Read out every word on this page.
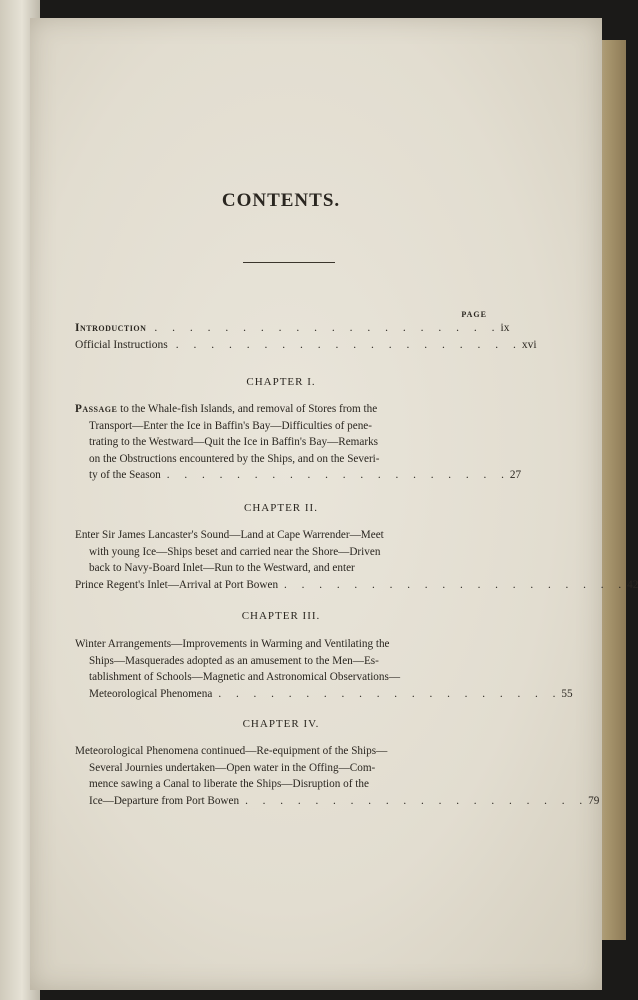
CONTENTS.
PAGE
Introduction . . . . . . . . . . . . . . . . . . . . ix
Official Instructions . . . . . . . . . . . . . . . . . . . . xvi
CHAPTER I.
Passage to the Whale-fish Islands, and removal of Stores from the
Transport—Enter the Ice in Baffin's Bay—Difficulties of pene-
trating to the Westward—Quit the Ice in Baffin's Bay—Remarks
on the Obstructions encountered by the Ships, and on the Severi-
ty of the Season . . . . . . . . . . . . . . . . . . . . 27
CHAPTER II.
Enter Sir James Lancaster's Sound—Land at Cape Warrender—Meet
with young Ice—Ships beset and carried near the Shore—Driven
back to Navy-Board Inlet—Run to the Westward, and enter
Prince Regent's Inlet—Arrival at Port Bowen . . . . . . . . . . . . . . . . . . . . 42
CHAPTER III.
Winter Arrangements—Improvements in Warming and Ventilating the
Ships—Masquerades adopted as an amusement to the Men—Es-
tablishment of Schools—Magnetic and Astronomical Observations—
Meteorological Phenomena . . . . . . . . . . . . . . . . . . . . 55
CHAPTER IV.
Meteorological Phenomena continued—Re-equipment of the Ships—
Several Journies undertaken—Open water in the Offing—Com-
mence sawing a Canal to liberate the Ships—Disruption of the
Ice—Departure from Port Bowen . . . . . . . . . . . . . . . . . . . . 79
